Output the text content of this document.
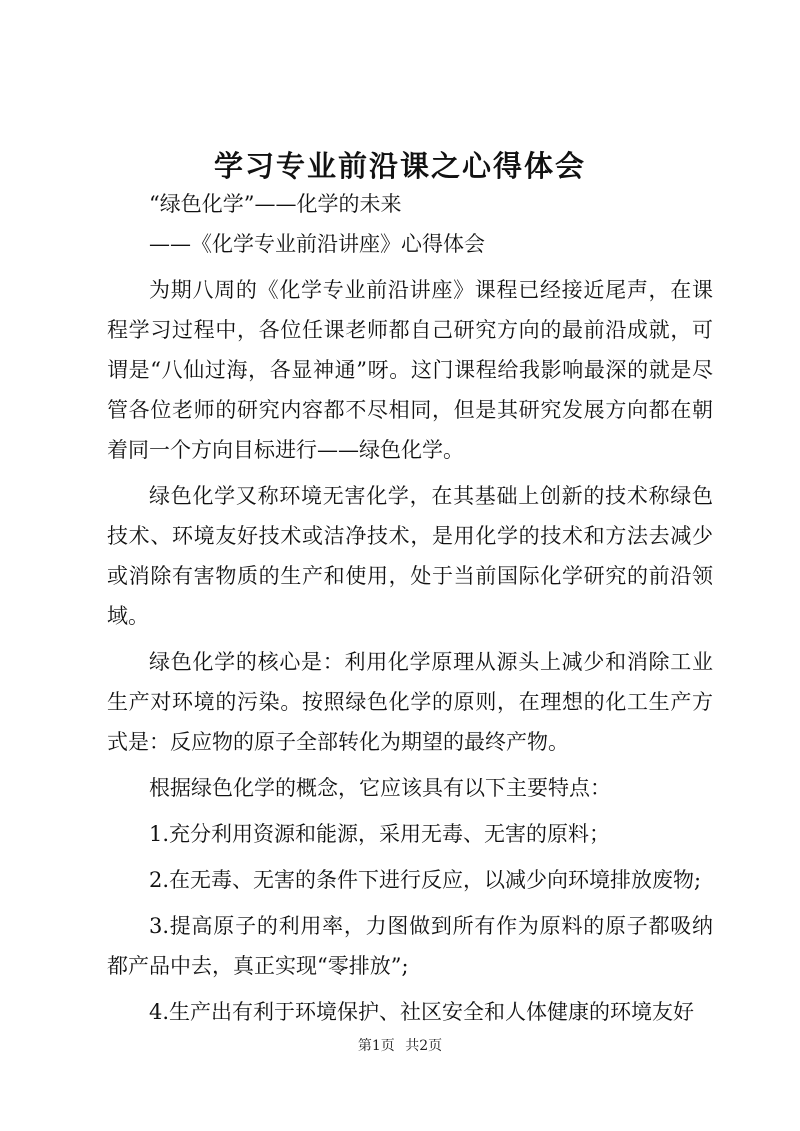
学习专业前沿课之心得体会

“绿色化学”——化学的未来

——《化学专业前沿讲座》心得体会

为期八周的《化学专业前沿讲座》课程已经接近尾声，在课程学习过程中，各位任课老师都自己研究方向的最前沿成就，可谓是“八仙过海，各显神通”呀。这门课程给我影响最深的就是尽管各位老师的研究内容都不尽相同，但是其研究发展方向都在朝着同一个方向目标进行——绿色化学。

绿色化学又称环境无害化学，在其基础上创新的技术称绿色技术、环境友好技术或洁净技术，是用化学的技术和方法去减少或消除有害物质的生产和使用，处于当前国际化学研究的前沿领域。

绿色化学的核心是：利用化学原理从源头上减少和消除工业生产对环境的污染。按照绿色化学的原则，在理想的化工生产方式是：反应物的原子全部转化为期望的最终产物。

根据绿色化学的概念，它应该具有以下主要特点：

1.充分利用资源和能源，采用无毒、无害的原料；

2.在无毒、无害的条件下进行反应，以减少向环境排放废物;

3.提高原子的利用率，力图做到所有作为原料的原子都吸纳都产品中去，真正实现“零排放”;

4.生产出有利于环境保护、社区安全和人体健康的环境友好

第1页 共2页
